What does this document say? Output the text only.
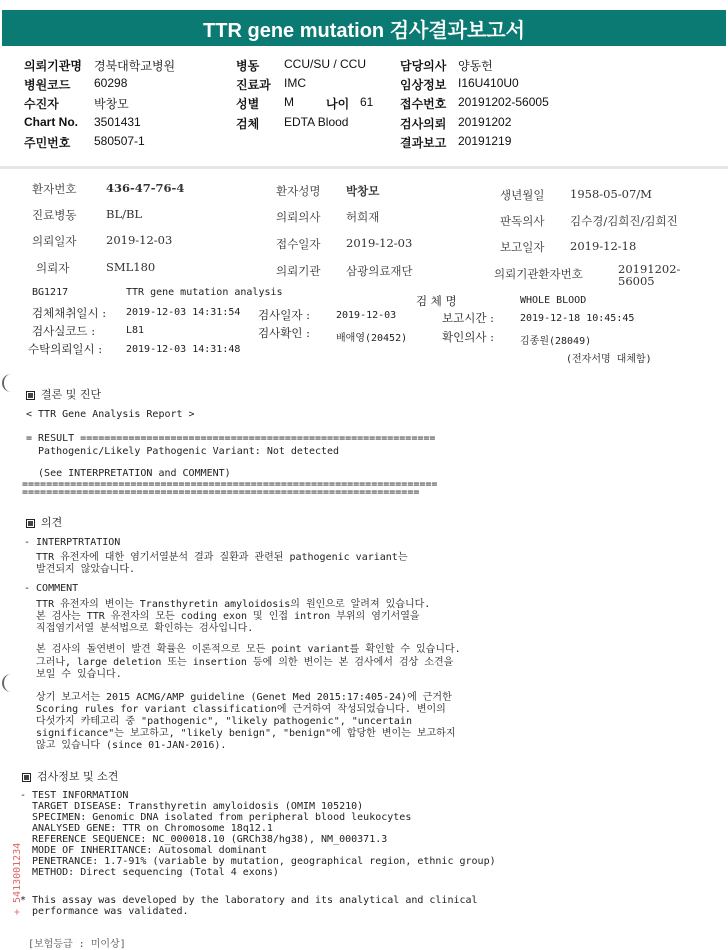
TTR gene mutation 검사결과보고서
의뢰기관명 경북대학교병원
병원코드 60298
수진자	박창모
Chart No. 3501431
주민번호 580507-1
병동 CCU/SU / CCU
진료과 IMC
성별 M	나이 61
검체 EDTA Blood
담당의사 양동헌
임상정보 I16U410U0
접수번호 20191202-56005
검사의뢰 20191202
결과보고 20191219
환자번호	436-47-76-4	환자성명 박창모	생년월일 1958-05-07/M
진료병동	BL/BL	의뢰의사 허희재	판독의사 김수경/김희진/김희진
의뢰일자	2019-12-03	접수일자 2019-12-03	보고일자 2019-12-18
의뢰자	SML180	의뢰기관 삼광의료재단	의뢰기관환자번호	20191202-56005
BG1217	TTR gene mutation analysis
검 체 명	WHOLE BLOOD
검체채취일시 : 2019-12-03 14:31:54 검사일자 :	2019-12-03	보고시간 :	2019-12-18 10:45:45
검사실코드 :	L81	검사확인 :	배애영(20452)	확인의사 :	김종원(28049)
수탁의뢰일시 : 2019-12-03 14:31:48
(전자서명 대체함)
결론 및 진단
< TTR Gene Analysis Report >
= RESULT ===========================================================
Pathogenic/Likely Pathogenic Variant: Not detected
(See INTERPRETATION and COMMENT)
=====================================================================
==================================================================
의견
- INTERPTRTATION
TTR 유전자에 대한 염기서열분석 결과 질환과 관련된 pathogenic variant는
발견되지 않았습니다.
- COMMENT
TTR 유전자의 변이는 Transthyretin amyloidosis의 원인으로 알려져 있습니다.
본 검사는 TTR 유전자의 모든 coding exon 및 인접 intron 부위의 염기서열을
직접염기서열 분석법으로 확인하는 검사입니다.
본 검사의 돌연변이 발견 확률은 이론적으로 모든 point variant를 확인할 수 있습니다.
그러나, large deletion 또는 insertion 등에 의한 변이는 본 검사에서 검상 소견을
보일 수 있습니다.
상기 보고서는 2015 ACMG/AMP guideline (Genet Med 2015:17:405-24)에 근거한
Scoring rules for variant classification에 근거하여 작성되었습니다. 변이의
다섯가지 카테고리 중 "pathogenic", "likely pathogenic", "uncertain
significance"는 보고하고, "likely benign", "benign"에 합당한 변이는 보고하지
않고 있습니다 (since 01-JAN-2016).
검사정보 및 소견
- TEST INFORMATION
TARGET DISEASE: Transthyretin amyloidosis (OMIM 105210)
SPECIMEN: Genomic DNA isolated from peripheral blood leukocytes
ANALYSED GENE: TTR on Chromosome 18q12.1
REFERENCE SEQUENCE: NC_000018.10 (GRCh38/hg38), NM_000371.3
MODE OF INHERITANCE: Autosomal dominant
PENETRANCE: 1.7-91% (variable by mutation, geographical region, ethnic group)
METHOD: Direct sequencing (Total 4 exons)
* This assay was developed by the laboratory and its analytical and clinical
performance was validated.
[보험등급 : 미이상]
+ 5413001234
